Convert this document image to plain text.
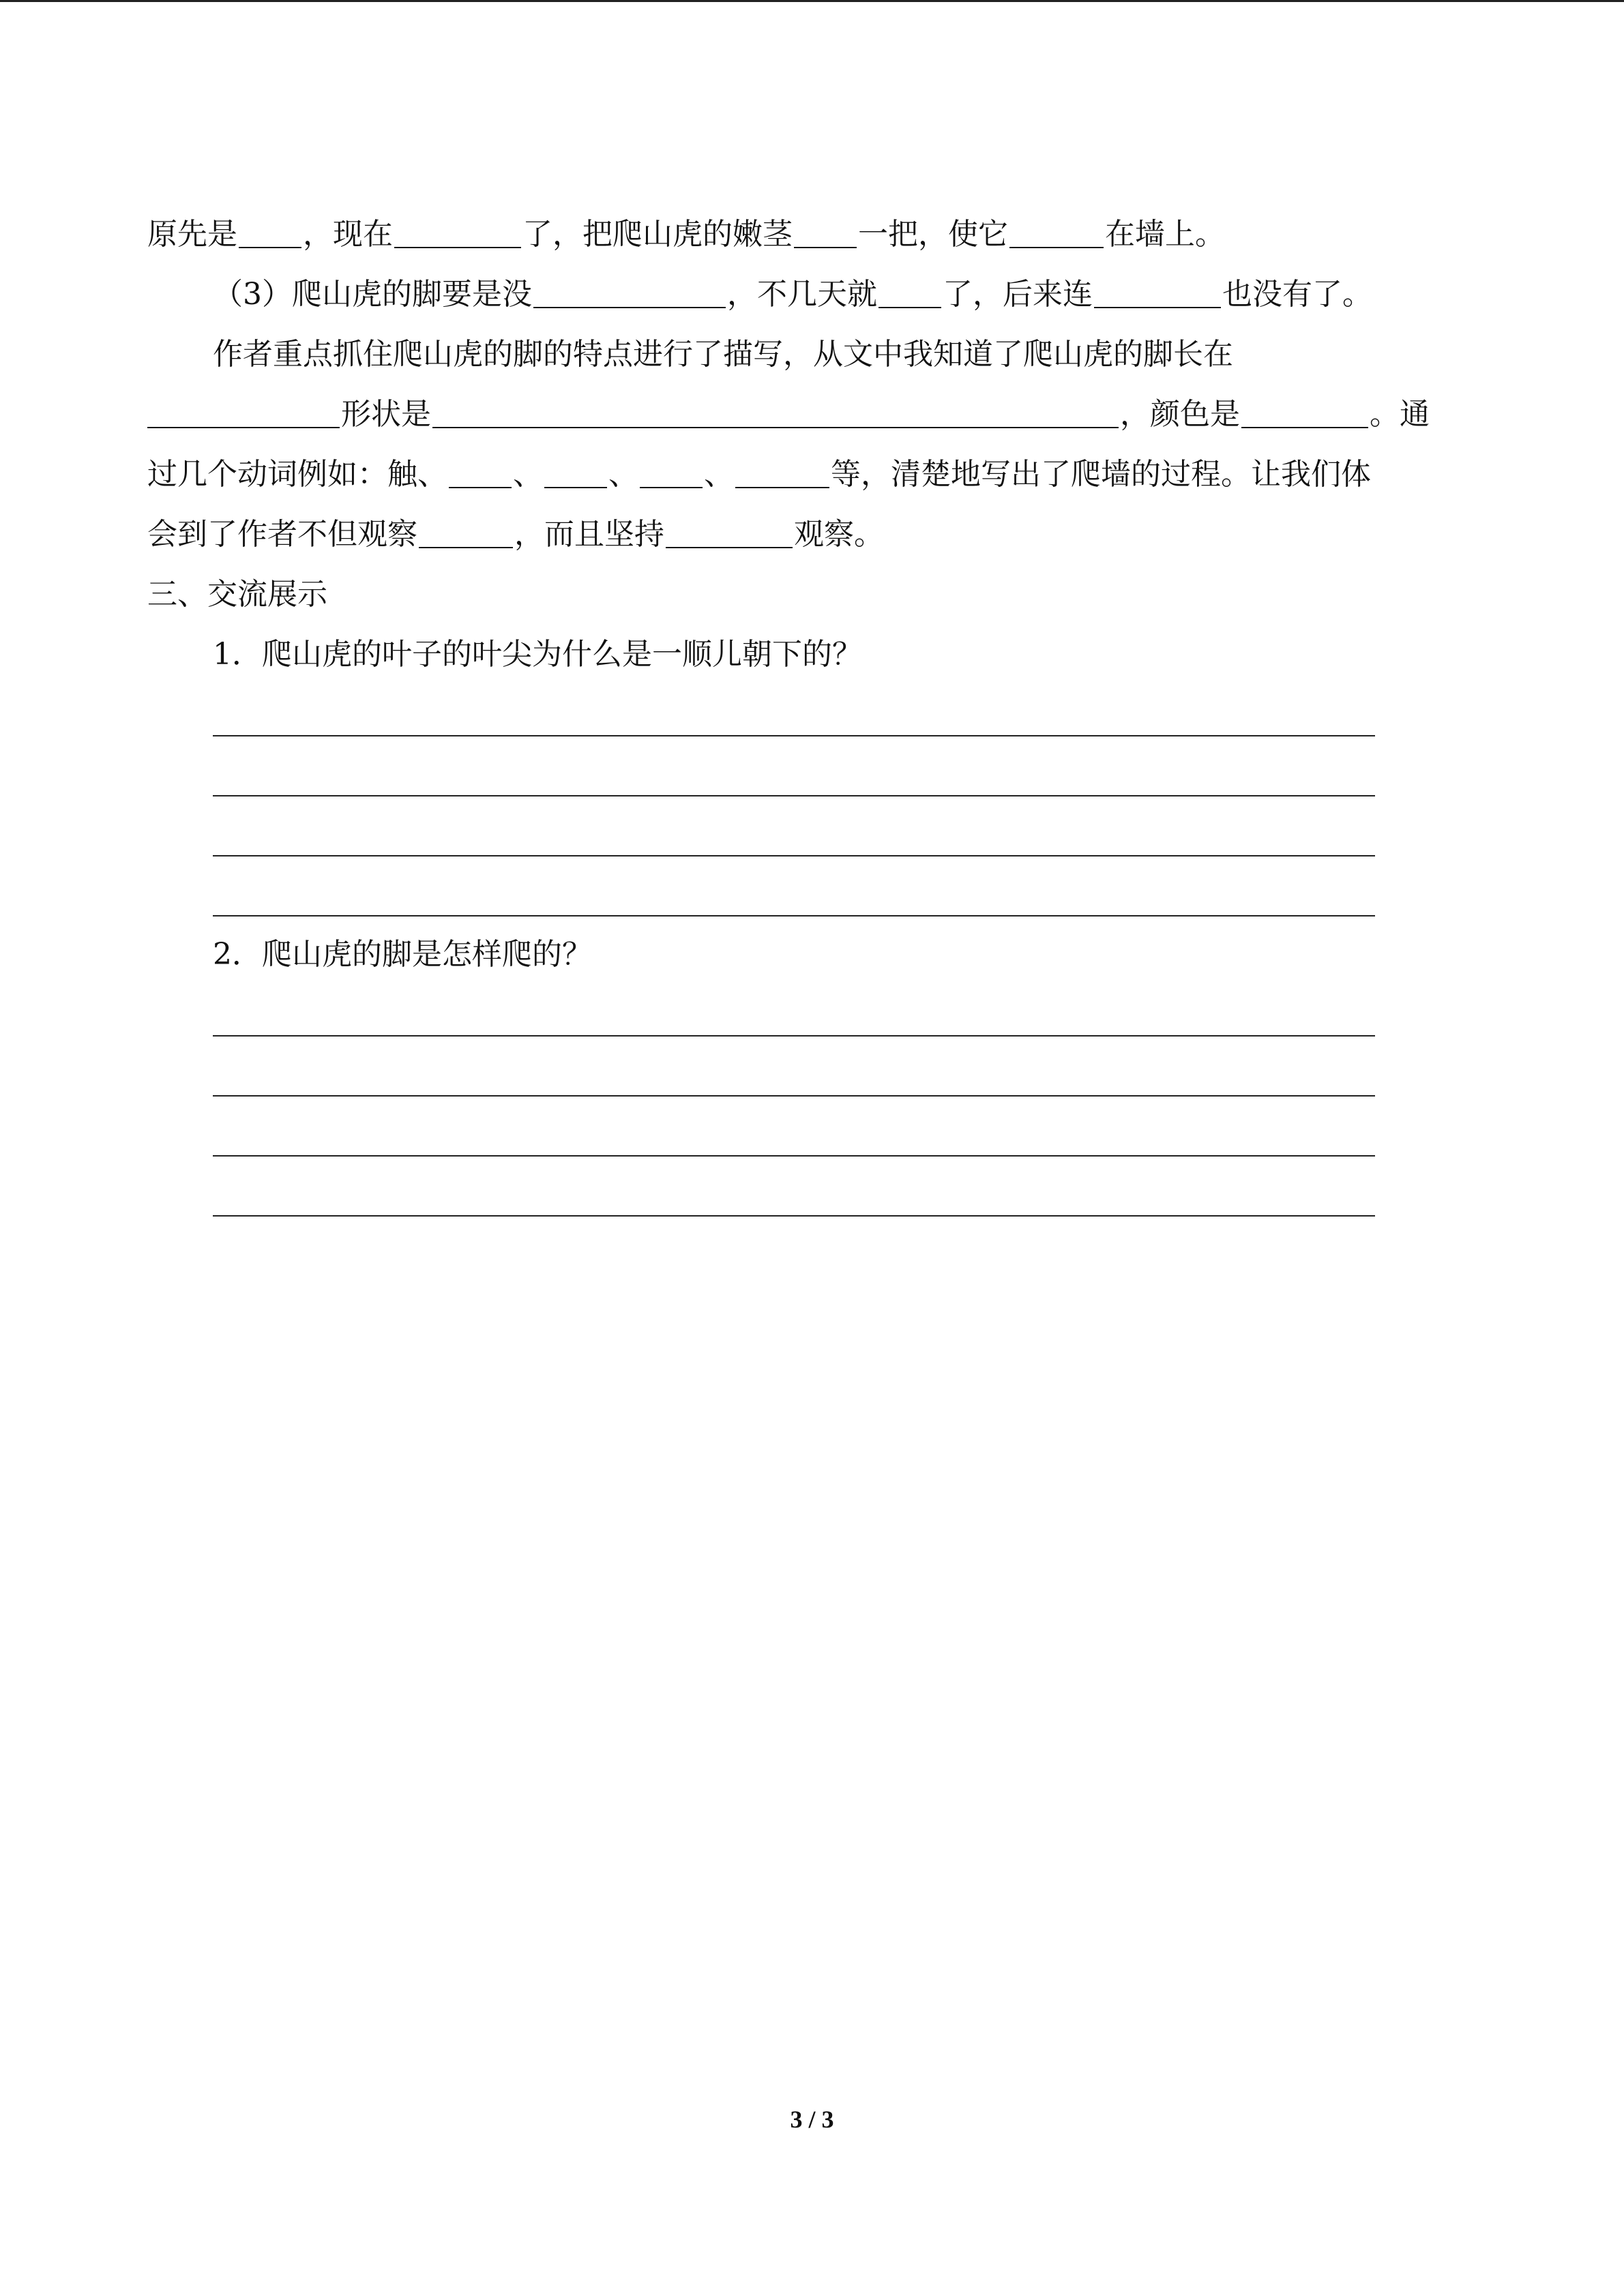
原先是 ，现在	了，把爬山虎的嫩茎 一把，使它	在墙上。
（3）爬山虎的脚要是没	，不几天就 了，后来连	也没有了。
作者重点抓住爬山虎的脚的特点进行了描写，从文中我知道了爬山虎的脚长在
形状是	，颜色是	。通
过几个动词例如：触、 、 、 、	等，清楚地写出了爬墙的过程。让我们体
会到了作者不但观察	，而且坚持	观察。
三、交流展示
1．爬山虎的叶子的叶尖为什么是一顺儿朝下的？
2．爬山虎的脚是怎样爬的？
3 / 3
